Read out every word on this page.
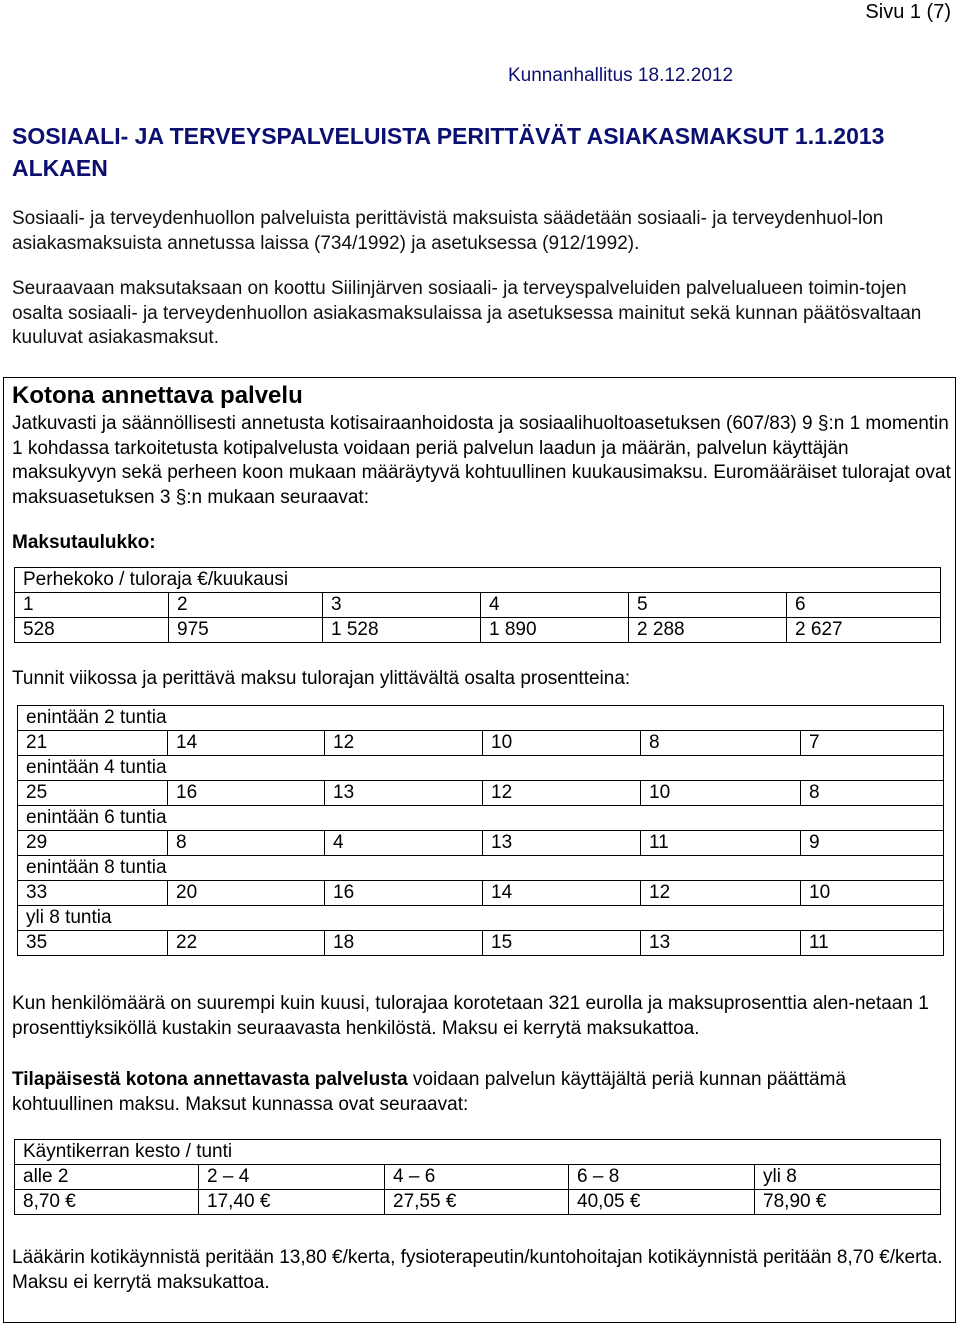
Sivu 1 (7)
Kunnanhallitus 18.12.2012
SOSIAALI- JA TERVEYSPALVELUISTA PERITTÄVÄT ASIAKASMAKSUT 1.1.2013 ALKAEN

Sosiaali- ja terveydenhuollon palveluista perittävistä maksuista säädetään sosiaali- ja terveydenhuol-lon asiakasmaksuista annetussa laissa (734/1992) ja asetuksessa (912/1992).

Seuraavaan maksutaksaan on koottu Siilinjärven sosiaali- ja terveyspalveluiden palvelualueen toimin-tojen osalta sosiaali- ja terveydenhuollon asiakasmaksulaissa ja asetuksessa mainitut sekä kunnan päätösvaltaan kuuluvat asiakasmaksut.

Kotona annettava palvelu

Jatkuvasti ja säännöllisesti annetusta kotisairaanhoidosta ja sosiaalihuoltoasetuksen (607/83) 9 §:n 1 momentin 1 kohdassa tarkoitetusta kotipalvelusta voidaan periä palvelun laadun ja määrän, palvelun käyttäjän maksukyvyn sekä perheen koon mukaan määräytyvä kohtuullinen kuukausimaksu. Euromääräiset tulorajat ovat maksuasetuksen 3 §:n mukaan seuraavat:

Maksutaulukko:

Perhekoko / tuloraja €/kuukausi					
1	2	3	4	5	6
528	975	1 528	1 890	2 288	2 627

Tunnit viikossa ja perittävä maksu tulorajan ylittävältä osalta prosentteina:

enintään 2 tuntia					
21	14	12	10	8	7
enintään 4 tuntia					
25	16	13	12	10	8
enintään 6 tuntia					
29	8	4	13	11	9
enintään 8 tuntia					
33	20	16	14	12	10
yli 8 tuntia					
35	22	18	15	13	11

Kun henkilömäärä on suurempi kuin kuusi, tulorajaa korotetaan 321 eurolla ja maksuprosenttia alen-netaan 1 prosenttiyksiköllä kustakin seuraavasta henkilöstä. Maksu ei kerrytä maksukattoa.

Tilapäisestä kotona annettavasta palvelusta voidaan palvelun käyttäjältä periä kunnan päättämä kohtuullinen maksu. Maksut kunnassa ovat seuraavat:

Käyntikerran kesto / tunti				
alle 2	2 – 4	4 – 6	6 – 8	yli 8
8,70 €	17,40 €	27,55 €	40,05 €	78,90 €

Lääkärin kotikäynnistä peritään 13,80 €/kerta, fysioterapeutin/kuntohoitajan kotikäynnistä peritään 8,70 €/kerta. Maksu ei kerrytä maksukattoa.
